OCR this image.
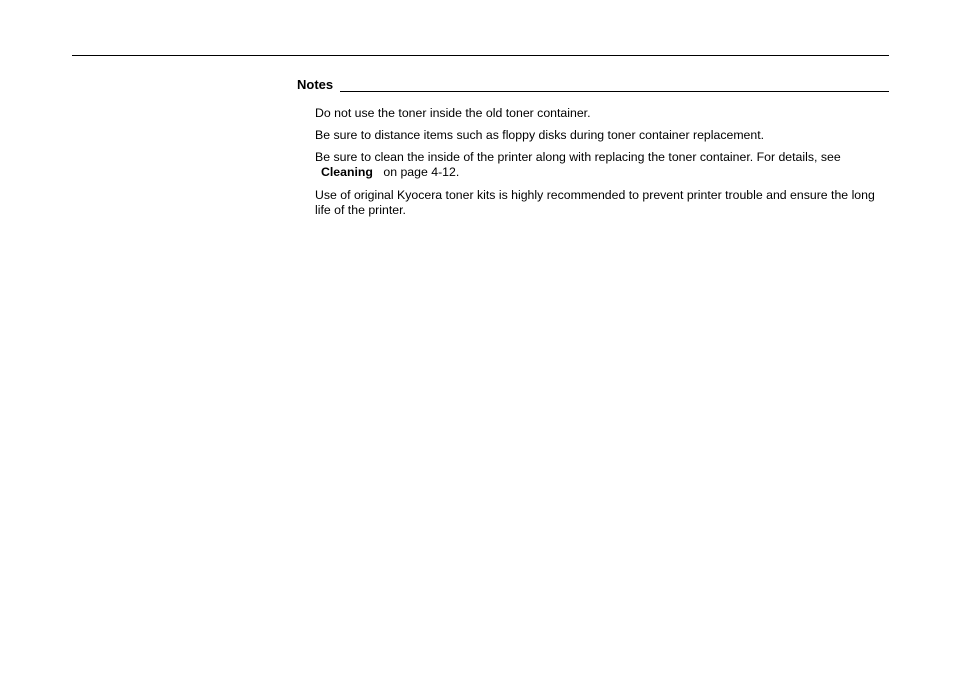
Notes
Do not use the toner inside the old toner container.
Be sure to distance items such as floppy disks during toner container replacement.
Be sure to clean the inside of the printer along with replacing the toner container. For details, see
Cleaning on page 4-12.
Use of original Kyocera toner kits is highly recommended to prevent printer trouble and ensure the long life of the printer.
